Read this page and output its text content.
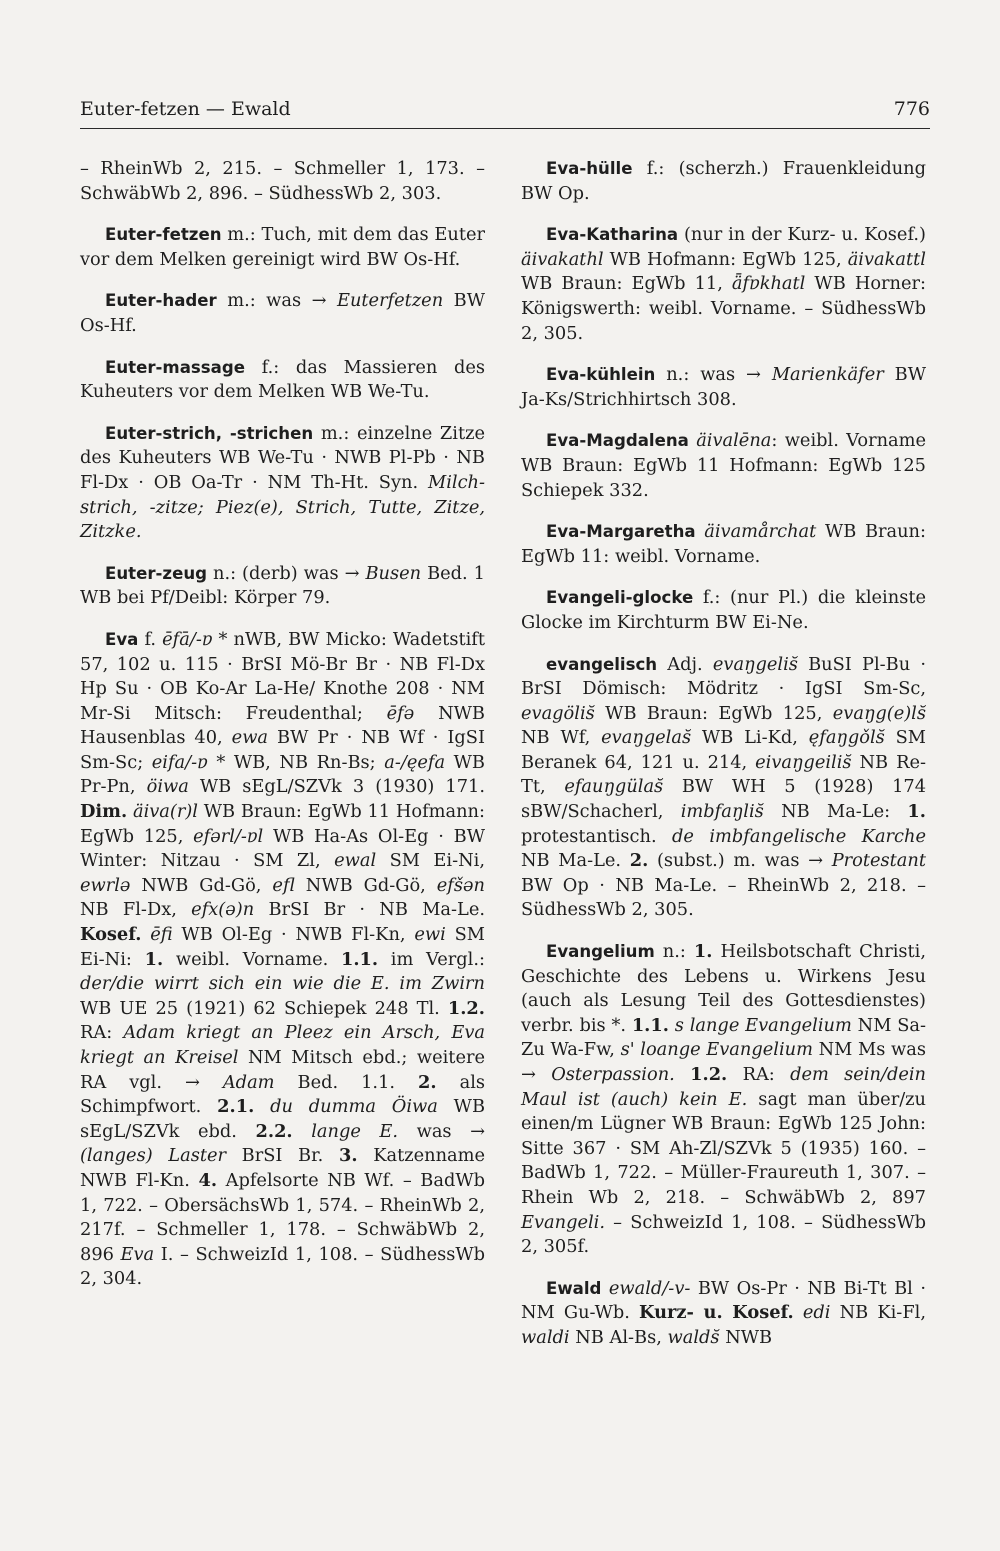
Euter-fetzen — Ewald	776

– RheinWb 2, 215. – Schmeller 1, 173. – SchwäbWb 2, 896. – SüdhessWb 2, 303.

Euter-fetzen m.: Tuch, mit dem das Euter vor dem Melken gereinigt wird BW Os-Hf.

Euter-hader m.: was → Euterfetzen BW Os-Hf.

Euter-massage f.: das Massieren des Kuheuters vor dem Melken WB We-Tu.

Euter-strich, -strichen m.: einzelne Zitze des Kuheuters WB We-Tu · NWB Pl-Pb · NB Fl-Dx · OB Oa-Tr · NM Th-Ht. Syn. Milch-strich, -zitze; Piez(e), Strich, Tutte, Zitze, Zitzke.

Euter-zeug n.: (derb) was → Busen Bed. 1 WB bei Pf/Deibl: Körper 79.

Eva f. ēfā/-ɐ * nWB, BW Micko: Wadetstift 57, 102 u. 115 · BrSI Mö-Br Br · NB Fl-Dx Hp Su · OB Ko-Ar La-He/ Knothe 208 · NM Mr-Si Mitsch: Freudenthal; ēfə NWB Hausenblas 40, ewa BW Pr · NB Wf · IgSI Sm-Sc; eifa/-ɐ * WB, NB Rn-Bs; a-/ęefa WB Pr-Pn, öiwa WB sEgL/SZVk 3 (1930) 171. Dim. äiva(r)l WB Braun: EgWb 11 Hofmann: EgWb 125, efərl/-ɐl WB Ha-As Ol-Eg · BW Winter: Nitzau · SM Zl, ewal SM Ei-Ni, ewrlə NWB Gd-Gö, efl NWB Gd-Gö, efšən NB Fl-Dx, efx(ə)n BrSI Br · NB Ma-Le. Kosef. ēfi WB Ol-Eg · NWB Fl-Kn, ewi SM Ei-Ni: 1. weibl. Vorname. 1.1. im Vergl.: der/die wirrt sich ein wie die E. im Zwirn WB UE 25 (1921) 62 Schiepek 248 Tl. 1.2. RA: Adam kriegt an Pleez ein Arsch, Eva kriegt an Kreisel NM Mitsch ebd.; weitere RA vgl. → Adam Bed. 1.1. 2. als Schimpfwort. 2.1. du dumma Öiwa WB sEgL/SZVk ebd. 2.2. lange E. was → (langes) Laster BrSI Br. 3. Katzenname NWB Fl-Kn. 4. Apfelsorte NB Wf. – BadWb 1, 722. – ObersächsWb 1, 574. – RheinWb 2, 217f. – Schmeller 1, 178. – SchwäbWb 2, 896 Eva I. – SchweizId 1, 108. – SüdhessWb 2, 304.

Eva-hülle f.: (scherzh.) Frauenkleidung BW Op.

Eva-Katharina (nur in der Kurz- u. Kosef.) äivakathl WB Hofmann: EgWb 125, äivakattl WB Braun: EgWb 11, ǟfɐkhatl WB Horner: Königswerth: weibl. Vorname. – SüdhessWb 2, 305.

Eva-kühlein n.: was → Marienkäfer BW Ja-Ks/Strichhirtsch 308.

Eva-Magdalena äivalēna: weibl. Vorname WB Braun: EgWb 11 Hofmann: EgWb 125 Schiepek 332.

Eva-Margaretha äivamårchat WB Braun: EgWb 11: weibl. Vorname.

Evangeli-glocke f.: (nur Pl.) die kleinste Glocke im Kirchturm BW Ei-Ne.

evangelisch Adj. evaŋgelis̆ BuSI Pl-Bu · BrSI Dömisch: Mödritz · IgSI Sm-Sc, evagölis̆ WB Braun: EgWb 125, evaŋg(e)ls̆ NB Wf, evaŋgelas̆ WB Li-Kd, ęfaŋgǒls̆ SM Beranek 64, 121 u. 214, eivaŋgeilis̆ NB Re-Tt, efauŋgülas̆ BW WH 5 (1928) 174 sBW/Schacherl, imbfaŋlis̆ NB Ma-Le: 1. protestantisch. de imbfangelische Karche NB Ma-Le. 2. (subst.) m. was → Protestant BW Op · NB Ma-Le. – RheinWb 2, 218. – SüdhessWb 2, 305.

Evangelium n.: 1. Heilsbotschaft Christi, Geschichte des Lebens u. Wirkens Jesu (auch als Lesung Teil des Gottesdienstes) verbr. bis *. 1.1. s lange Evangelium NM Sa-Zu Wa-Fw, s' loange Evangelium NM Ms was → Osterpassion. 1.2. RA: dem sein/dein Maul ist (auch) kein E. sagt man über/zu einen/m Lügner WB Braun: EgWb 125 John: Sitte 367 · SM Ah-Zl/SZVk 5 (1935) 160. – BadWb 1, 722. – Müller-Fraureuth 1, 307. – Rhein Wb 2, 218. – SchwäbWb 2, 897 Evangeli. – SchweizId 1, 108. – SüdhessWb 2, 305f.

Ewald ewald/-v- BW Os-Pr · NB Bi-Tt Bl · NM Gu-Wb. Kurz- u. Kosef. edi NB Ki-Fl, waldi NB Al-Bs, walds̆ NWB
